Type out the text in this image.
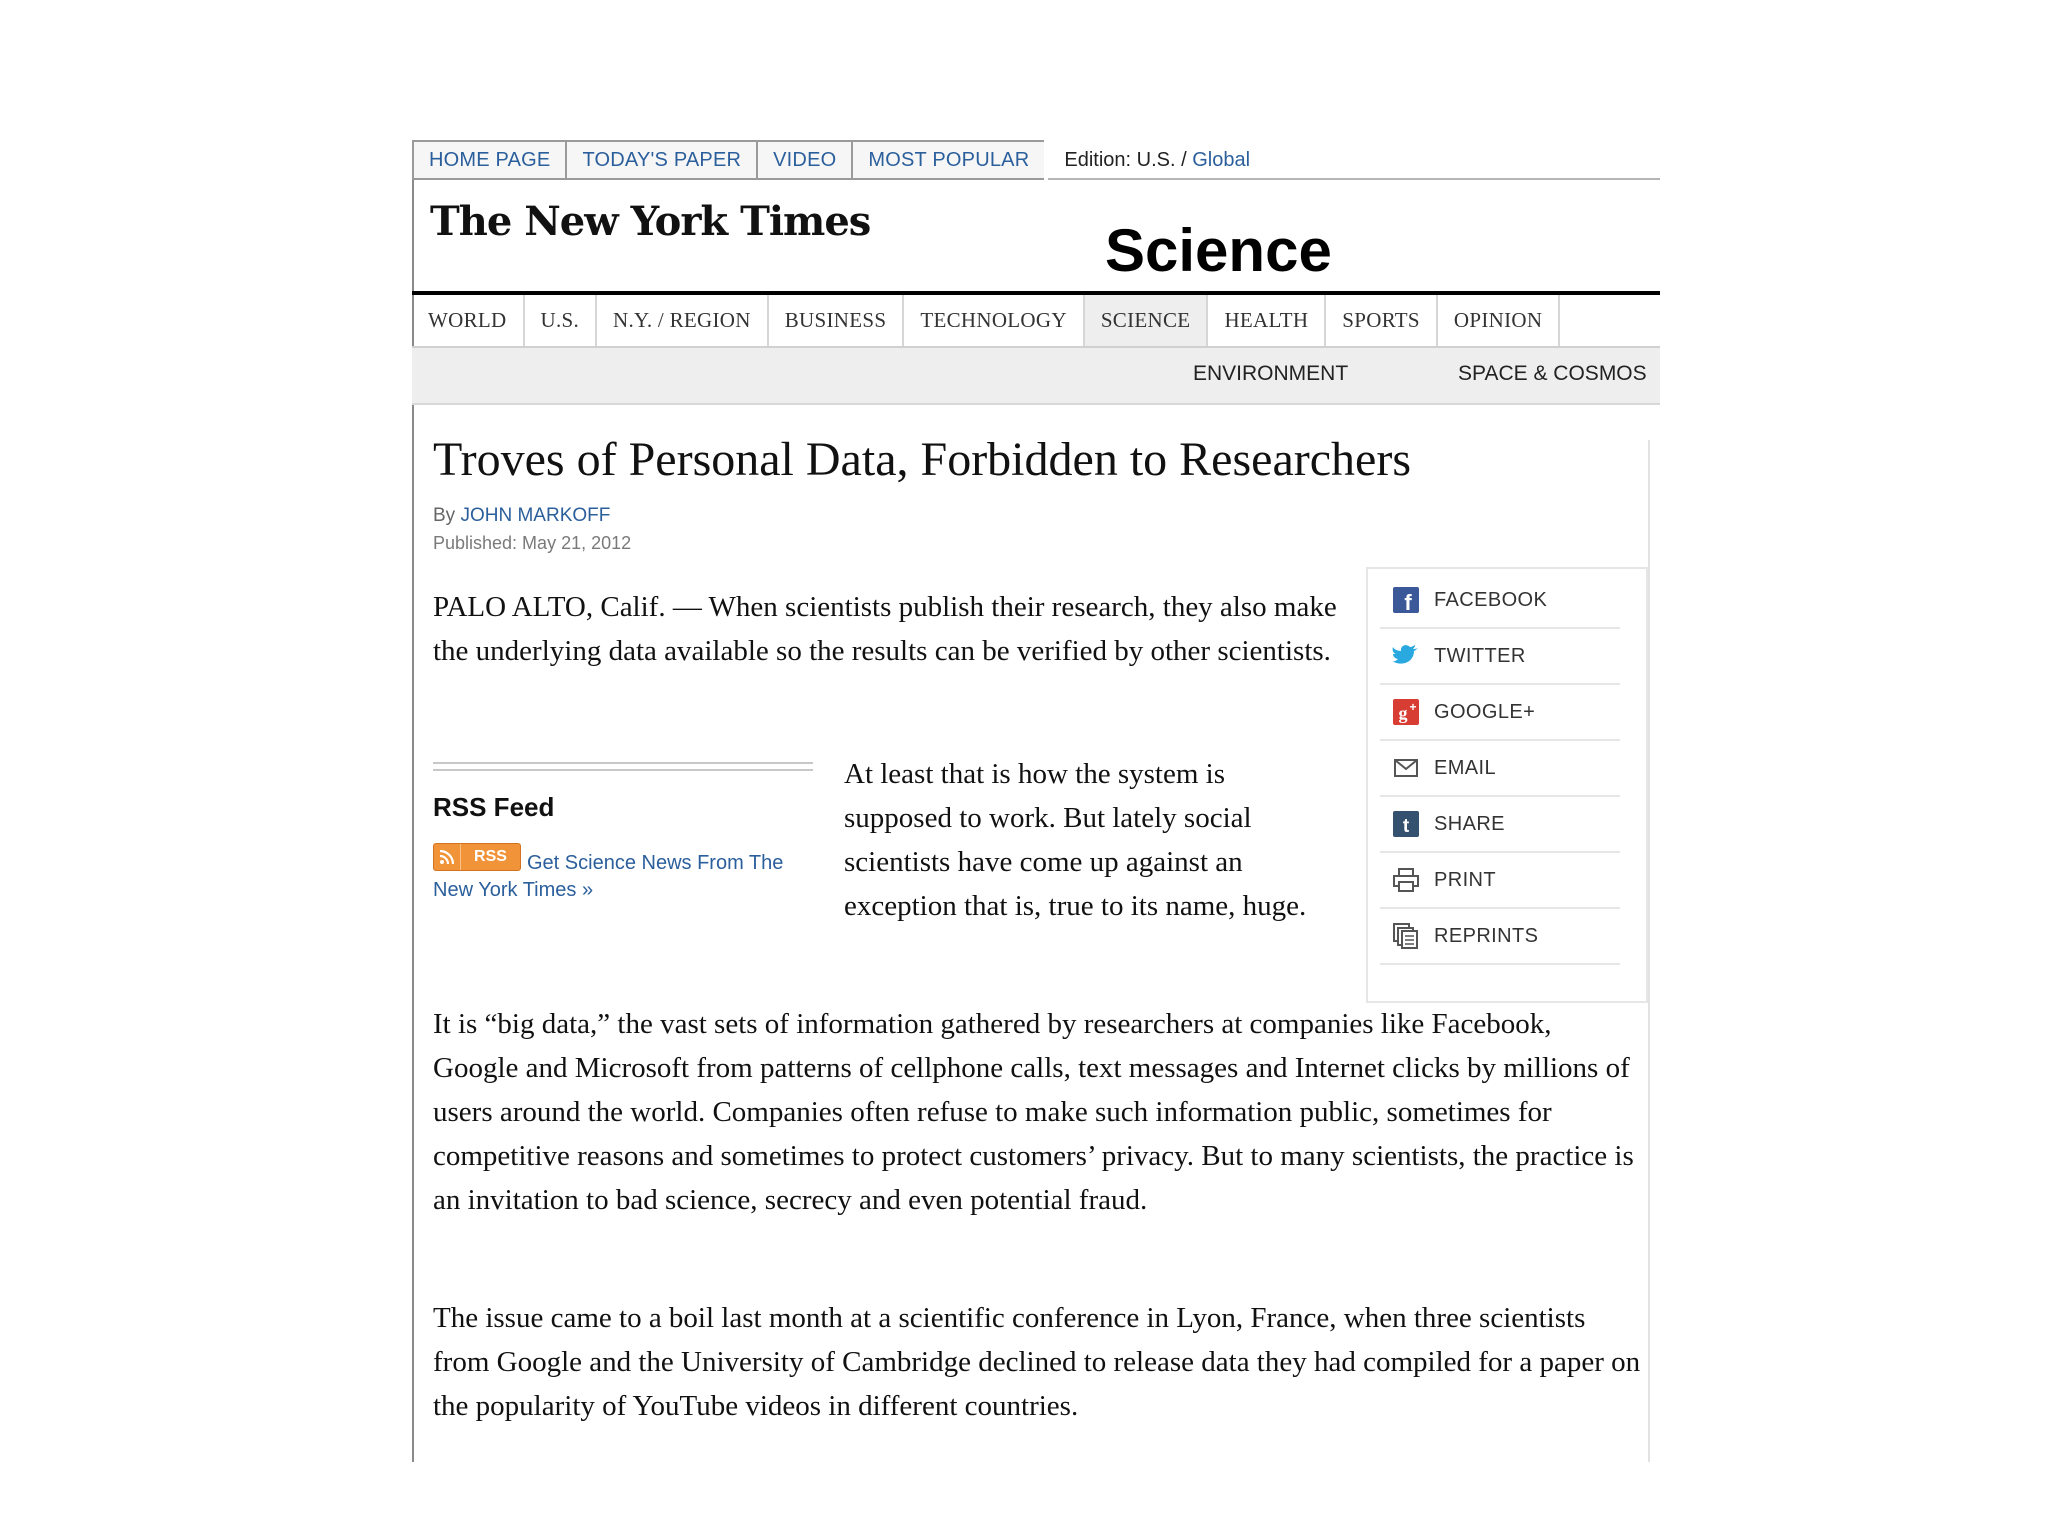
HOME PAGE	TODAY'S PAPER	VIDEO	MOST POPULAR	Edition: U.S. /
Global
The New York Times	Science
WORLD	U.S.	N.Y. / REGION	BUSINESS	TECHNOLOGY	SCIENCE	HEALTH	SPORTS	OPINION
ENVIRONMENT	SPACE & COSMOS
Troves of Personal Data, Forbidden to Researchers
By JOHN MARKOFF
Published: May 21, 2012

PALO ALTO, Calif. — When scientists publish their research, they also make the underlying data available so the results can be verified by other scientists.

RSS Feed
Get Science News From The New York Times »
RSS

At least that is how the system is supposed to work. But lately social scientists have come up against an exception that is, true to its name, huge.

f FACEBOOK
TWITTER
g + GOOGLE+
EMAIL
t SHARE
PRINT
REPRINTS

It is “big data,” the vast sets of information gathered by researchers at companies like Facebook, Google and Microsoft from patterns of cellphone calls, text messages and Internet clicks by millions of users around the world. Companies often refuse to make such information public, sometimes for competitive reasons and sometimes to protect customers’ privacy. But to many scientists, the practice is an invitation to bad science, secrecy and even potential fraud.

The issue came to a boil last month at a scientific conference in Lyon, France, when three scientists from Google and the University of Cambridge declined to release data they had compiled for a paper on the popularity of YouTube videos in different countries.
